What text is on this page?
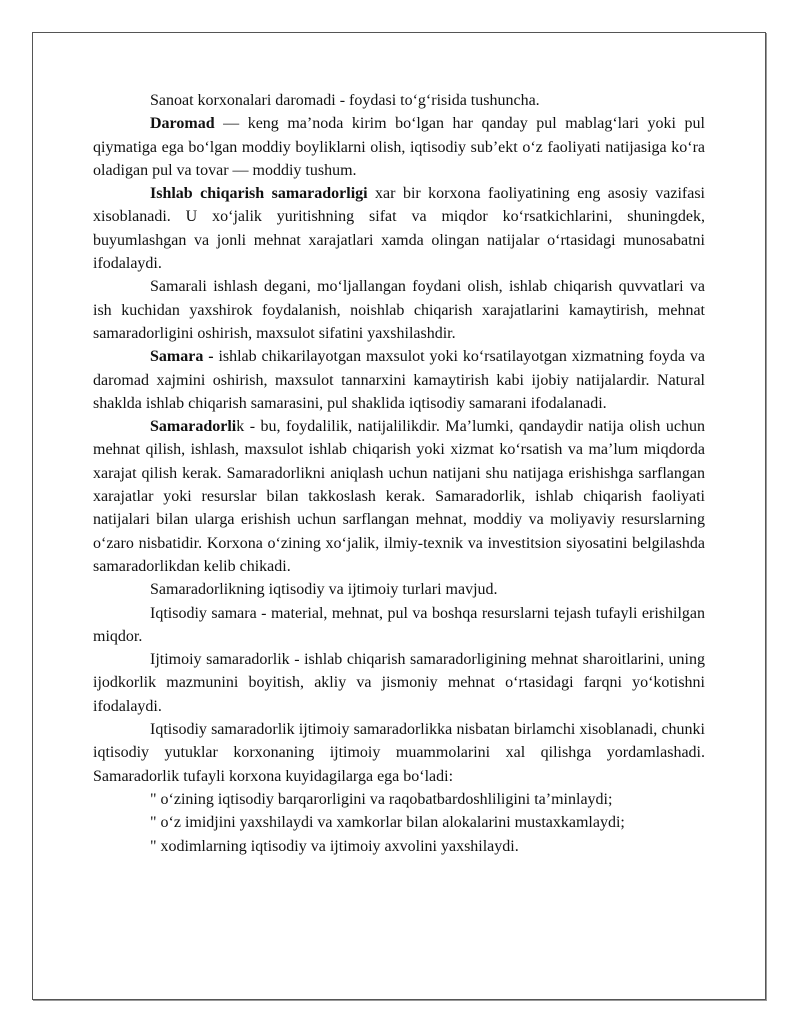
Sanoat korxonalari daromadi - foydasi to‘g‘risida tushuncha.

Daromad — keng ma’noda kirim bo‘lgan har qanday pul mablag‘lari yoki pul qiymatiga ega bo‘lgan moddiy boyliklarni olish, iqtisodiy sub’ekt o‘z faoliyati natijasiga ko‘ra oladigan pul va tovar — moddiy tushum.

Ishlab chiqarish samaradorligi xar bir korxona faoliyatining eng asosiy vazifasi xisoblanadi. U xo‘jalik yuritishning sifat va miqdor ko‘rsatkichlarini, shuningdek, buyumlashgan va jonli mehnat xarajatlari xamda olingan natijalar o‘rtasidagi munosabatni ifodalaydi.

Samarali ishlash degani, mo‘ljallangan foydani olish, ishlab chiqarish quvvatlari va ish kuchidan yaxshirok foydalanish, noishlab chiqarish xarajatlarini kamaytirish, mehnat samaradorligini oshirish, maxsulot sifatini yaxshilashdir.

Samara - ishlab chikarilayotgan maxsulot yoki ko‘rsatilayotgan xizmatning foyda va daromad xajmini oshirish, maxsulot tannarxini kamaytirish kabi ijobiy natijalardir. Natural shaklda ishlab chiqarish samarasini, pul shaklida iqtisodiy samarani ifodalanadi.

Samaradorlik - bu, foydalilik, natijalilikdir. Ma’lumki, qandaydir natija olish uchun mehnat qilish, ishlash, maxsulot ishlab chiqarish yoki xizmat ko‘rsatish va ma’lum miqdorda xarajat qilish kerak. Samaradorlikni aniqlash uchun natijani shu natijaga erishishga sarflangan xarajatlar yoki resurslar bilan takkoslash kerak. Samaradorlik, ishlab chiqarish faoliyati natijalari bilan ularga erishish uchun sarflangan mehnat, moddiy va moliyaviy resurslarning o‘zaro nisbatidir. Korxona o‘zining xo‘jalik, ilmiy-texnik va investitsion siyosatini belgilashda samaradorlikdan kelib chikadi.

Samaradorlikning iqtisodiy va ijtimoiy turlari mavjud.

Iqtisodiy samara - material, mehnat, pul va boshqa resurslarni tejash tufayli erishilgan miqdor.

Ijtimoiy samaradorlik - ishlab chiqarish samaradorligining mehnat sharoitlarini, uning ijodkorlik mazmunini boyitish, akliy va jismoniy mehnat o‘rtasidagi farqni yo‘kotishni ifodalaydi.

Iqtisodiy samaradorlik ijtimoiy samaradorlikka nisbatan birlamchi xisoblanadi, chunki iqtisodiy yutuklar korxonaning ijtimoiy muammolarini xal qilishga yordamlashadi. Samaradorlik tufayli korxona kuyidagilarga ega bo‘ladi:

" o‘zining iqtisodiy barqarorligini va raqobatbardoshliligini ta’minlaydi;

" o‘z imidjini yaxshilaydi va xamkorlar bilan alokalarini mustaxkamlaydi;

" xodimlarning iqtisodiy va ijtimoiy axvolini yaxshilaydi.
